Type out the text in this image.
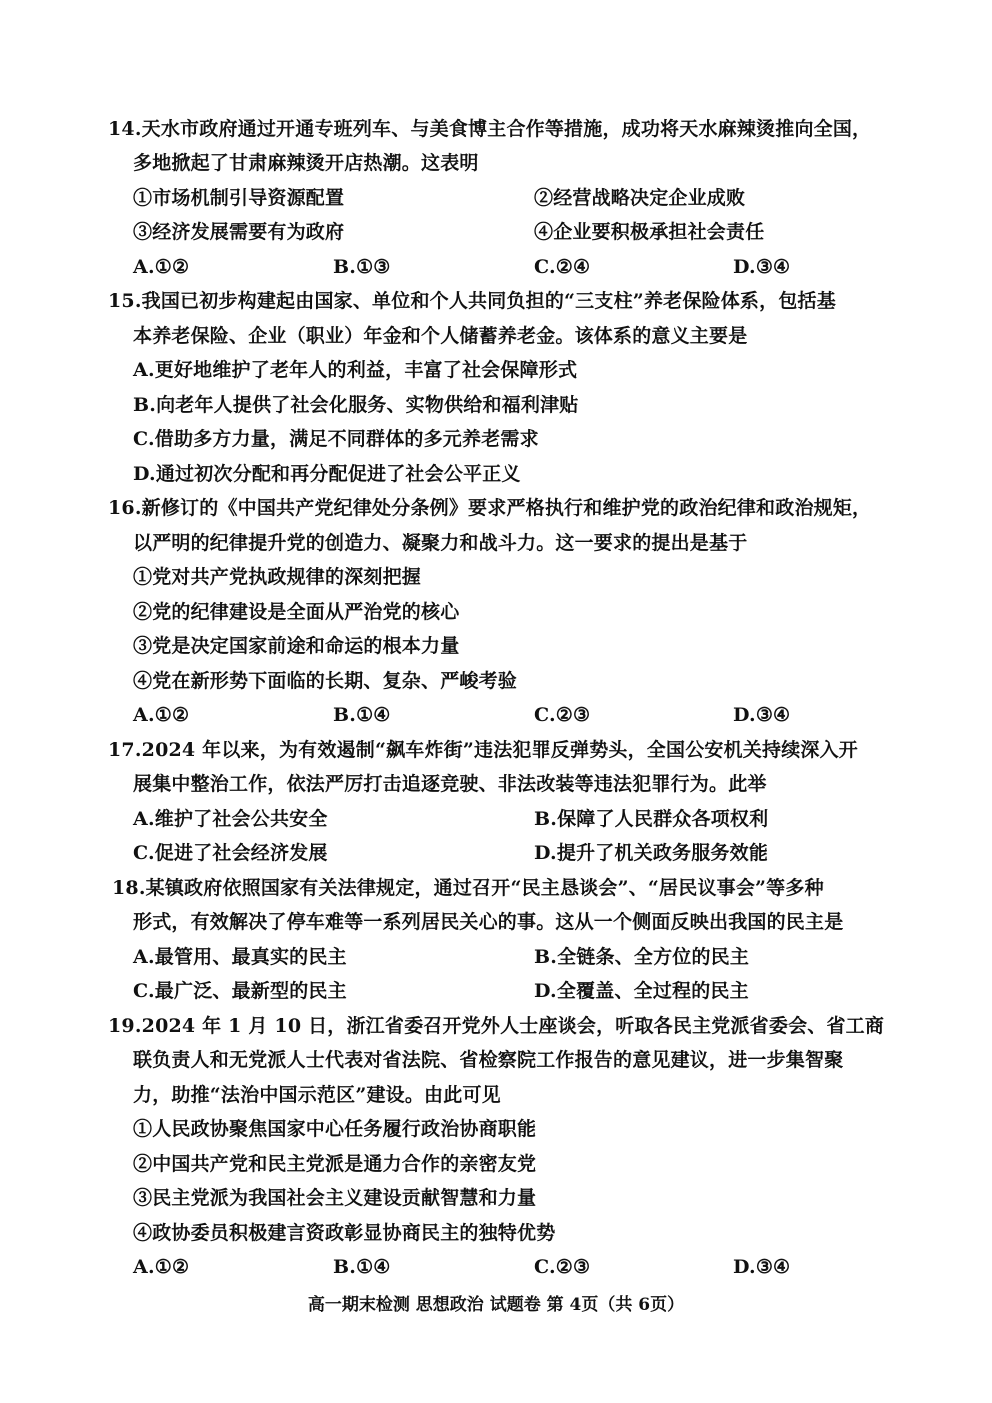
14.天水市政府通过开通专班列车、与美食博主合作等措施，成功将天水麻辣烫推向全国，
多地掀起了甘肃麻辣烫开店热潮。这表明
①市场机制引导资源配置	②经营战略决定企业成败
③经济发展需要有为政府	④企业要积极承担社会责任
A.①②	B.①③	C.②④	D.③④
15.我国已初步构建起由国家、单位和个人共同负担的“三支柱”养老保险体系，包括基
本养老保险、企业（职业）年金和个人储蓄养老金。该体系的意义主要是
A.更好地维护了老年人的利益，丰富了社会保障形式
B.向老年人提供了社会化服务、实物供给和福利津贴
C.借助多方力量，满足不同群体的多元养老需求
D.通过初次分配和再分配促进了社会公平正义
16.新修订的《中国共产党纪律处分条例》要求严格执行和维护党的政治纪律和政治规矩，
以严明的纪律提升党的创造力、凝聚力和战斗力。这一要求的提出是基于
①党对共产党执政规律的深刻把握
②党的纪律建设是全面从严治党的核心
③党是决定国家前途和命运的根本力量
④党在新形势下面临的长期、复杂、严峻考验
A.①②	B.①④	C.②③	D.③④
17.2024 年以来，为有效遏制“飙车炸街”违法犯罪反弹势头，全国公安机关持续深入开
展集中整治工作，依法严厉打击追逐竞驶、非法改装等违法犯罪行为。此举
A.维护了社会公共安全	B.保障了人民群众各项权利
C.促进了社会经济发展	D.提升了机关政务服务效能
18.某镇政府依照国家有关法律规定，通过召开“民主恳谈会”、“居民议事会”等多种
形式，有效解决了停车难等一系列居民关心的事。这从一个侧面反映出我国的民主是
A.最管用、最真实的民主	B.全链条、全方位的民主
C.最广泛、最新型的民主	D.全覆盖、全过程的民主
19.2024 年 1 月 10 日，浙江省委召开党外人士座谈会，听取各民主党派省委会、省工商
联负责人和无党派人士代表对省法院、省检察院工作报告的意见建议，进一步集智聚
力，助推“法治中国示范区”建设。由此可见
①人民政协聚焦国家中心任务履行政治协商职能
②中国共产党和民主党派是通力合作的亲密友党
③民主党派为我国社会主义建设贡献智慧和力量
④政协委员积极建言资政彰显协商民主的独特优势
A.①②	B.①④	C.②③	D.③④
高一期末检测 思想政治 试题卷 第 4页（共 6页）
